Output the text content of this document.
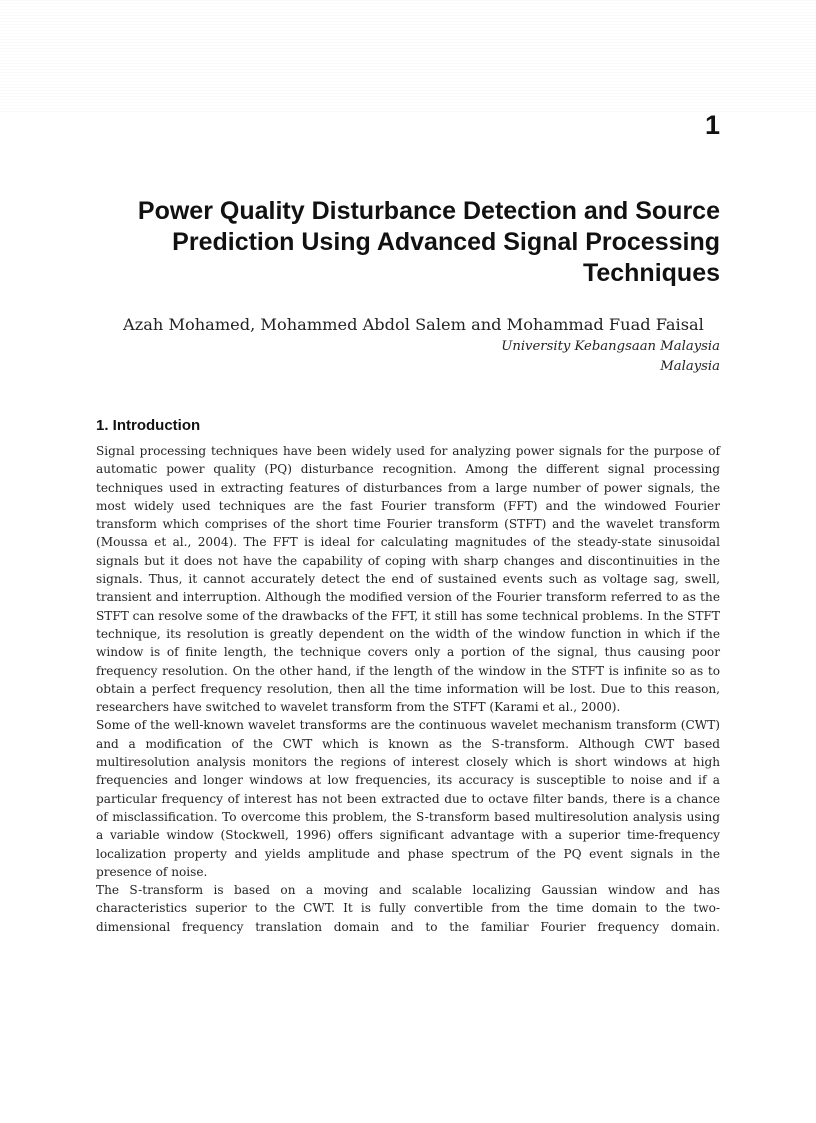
1
Power Quality Disturbance Detection and Source Prediction Using Advanced Signal Processing Techniques
Azah Mohamed, Mohammed Abdol Salem and Mohammad Fuad Faisal
University Kebangsaan Malaysia
Malaysia
1. Introduction

Signal processing techniques have been widely used for analyzing power signals for the purpose of automatic power quality (PQ) disturbance recognition. Among the different signal processing techniques used in extracting features of disturbances from a large number of power signals, the most widely used techniques are the fast Fourier transform (FFT) and the windowed Fourier transform which comprises of the short time Fourier transform (STFT) and the wavelet transform (Moussa et al., 2004). The FFT is ideal for calculating magnitudes of the steady-state sinusoidal signals but it does not have the capability of coping with sharp changes and discontinuities in the signals. Thus, it cannot accurately detect the end of sustained events such as voltage sag, swell, transient and interruption. Although the modified version of the Fourier transform referred to as the STFT can resolve some of the drawbacks of the FFT, it still has some technical problems. In the STFT technique, its resolution is greatly dependent on the width of the window function in which if the window is of finite length, the technique covers only a portion of the signal, thus causing poor frequency resolution. On the other hand, if the length of the window in the STFT is infinite so as to obtain a perfect frequency resolution, then all the time information will be lost. Due to this reason, researchers have switched to wavelet transform from the STFT (Karami et al., 2000).

Some of the well-known wavelet transforms are the continuous wavelet mechanism transform (CWT) and a modification of the CWT which is known as the S-transform. Although CWT based multiresolution analysis monitors the regions of interest closely which is short windows at high frequencies and longer windows at low frequencies, its accuracy is susceptible to noise and if a particular frequency of interest has not been extracted due to octave filter bands, there is a chance of misclassification. To overcome this problem, the S-transform based multiresolution analysis using a variable window (Stockwell, 1996) offers significant advantage with a superior time-frequency localization property and yields amplitude and phase spectrum of the PQ event signals in the presence of noise.

The S-transform is based on a moving and scalable localizing Gaussian window and has characteristics superior to the CWT. It is fully convertible from the time domain to the two-dimensional frequency translation domain and to the familiar Fourier frequency domain.
